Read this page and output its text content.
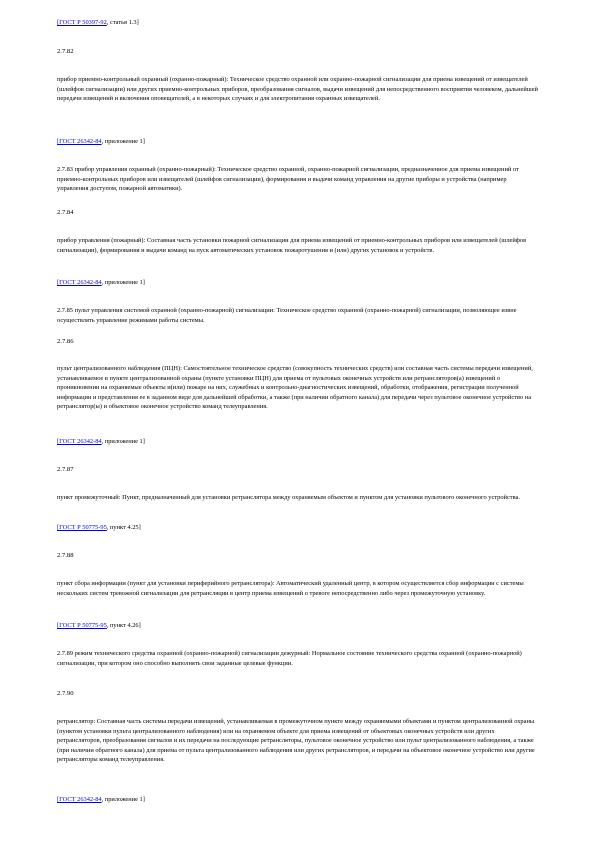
[ГОСТ Р 50397-92, статья 1.3]

2.7.82

прибор приемно-контрольный охранный (охранно-пожарный): Техническое средство охранной или охранно-пожарной сигнализации для приема извещений от извещателей (шлейфов сигнализации) или других приемно-контрольных приборов, преобразования сигналов, выдачи извещений для непосредственного восприятия человеком, дальнейшей передачи извещений и включения оповещателей, а в некоторых случаях и для электропитания охранных извещателей.

[ГОСТ 26342-84, приложение 1]

2.7.83 прибор управления охранный (охранно-пожарный): Техническое средство охранной, охранно-пожарной сигнализации, предназначенное для приема извещений от приемно-контрольных приборов или извещателей (шлейфов сигнализации), формирования и выдачи команд управления на другие приборы и устройства (например управления доступом, пожарной автоматики).

2.7.84

прибор управления (пожарный): Составная часть установки пожарной сигнализации для приема извещений от приемно-контрольных приборов или извещателей (шлейфов сигнализации), формирования и выдачи команд на пуск автоматических установок пожаротушения и (или) других установок и устройств.

[ГОСТ 26342-84, приложение 1]

2.7.85 пульт управления системой охранной (охранно-пожарной) сигнализации: Техническое средство охранной (охранно-пожарной) сигнализации, позволяющее извне осуществлять управление режимами работы системы.

2.7.86

пульт централизованного наблюдения (ПЦН): Самостоятельное техническое средство (совокупность технических средств) или составная часть системы передачи извещений, устанавливаемое в пункте централизованной охраны (пункте установки ПЦН) для приема от пультовых оконечных устройств или ретрансляторов(а) извещений о проникновении на охраняемые объекты и(или) пожаре на них, служебных и контрольно-диагностических извещений, обработки, отображения, регистрации полученной информации и представления ее в заданном виде для дальнейшей обработки, а также (при наличии обратного канала) для передачи через пультовое оконечное устройство на ретранслятор(ы) и объектовое оконечное устройство команд телеуправления.

[ГОСТ 26342-84, приложение 1]

2.7.87

пункт промежуточный: Пункт, предназначенный для установки ретранслятора между охраняемым объектом и пунктом для установки пультового оконечного устройства.

[ГОСТ Р 50775-95, пункт 4.25]

2.7.88

пункт сбора информации (пункт для установки периферийного ретранслятора): Автоматический удаленный центр, в котором осуществляется сбор информации с системы нескольких систем тревожной сигнализации для ретрансляции в центр приема извещений о тревоге непосредственно либо через промежуточную установку.

[ГОСТ Р 50775-95, пункт 4.26]

2.7.89 режим технического средства охранной (охранно-пожарной) сигнализации дежурный: Нормальное состояние технического средства охранной (охранно-пожарной) сигнализации, при котором оно способно выполнять свои заданные целевые функции.

2.7.90

ретранслятор: Составная часть системы передачи извещений, устанавливаемая в промежуточном пункте между охраняемыми объектами и пунктом централизованной охраны (пунктом установки пульта централизованного наблюдения) или на охраняемом объекте для приема извещений от объектовых оконечных устройств или других ретрансляторов, преобразования сигналов и их передачи на последующие ретрансляторы, пультовое оконечное устройство или пульт централизованного наблюдения, а также (при наличии обратного канала) для приема от пульта централизованного наблюдения или других ретрансляторов, и передачи на объектовое оконечное устройство или другие ретрансляторы команд телеуправления.

[ГОСТ 26342-84, приложение 1]
